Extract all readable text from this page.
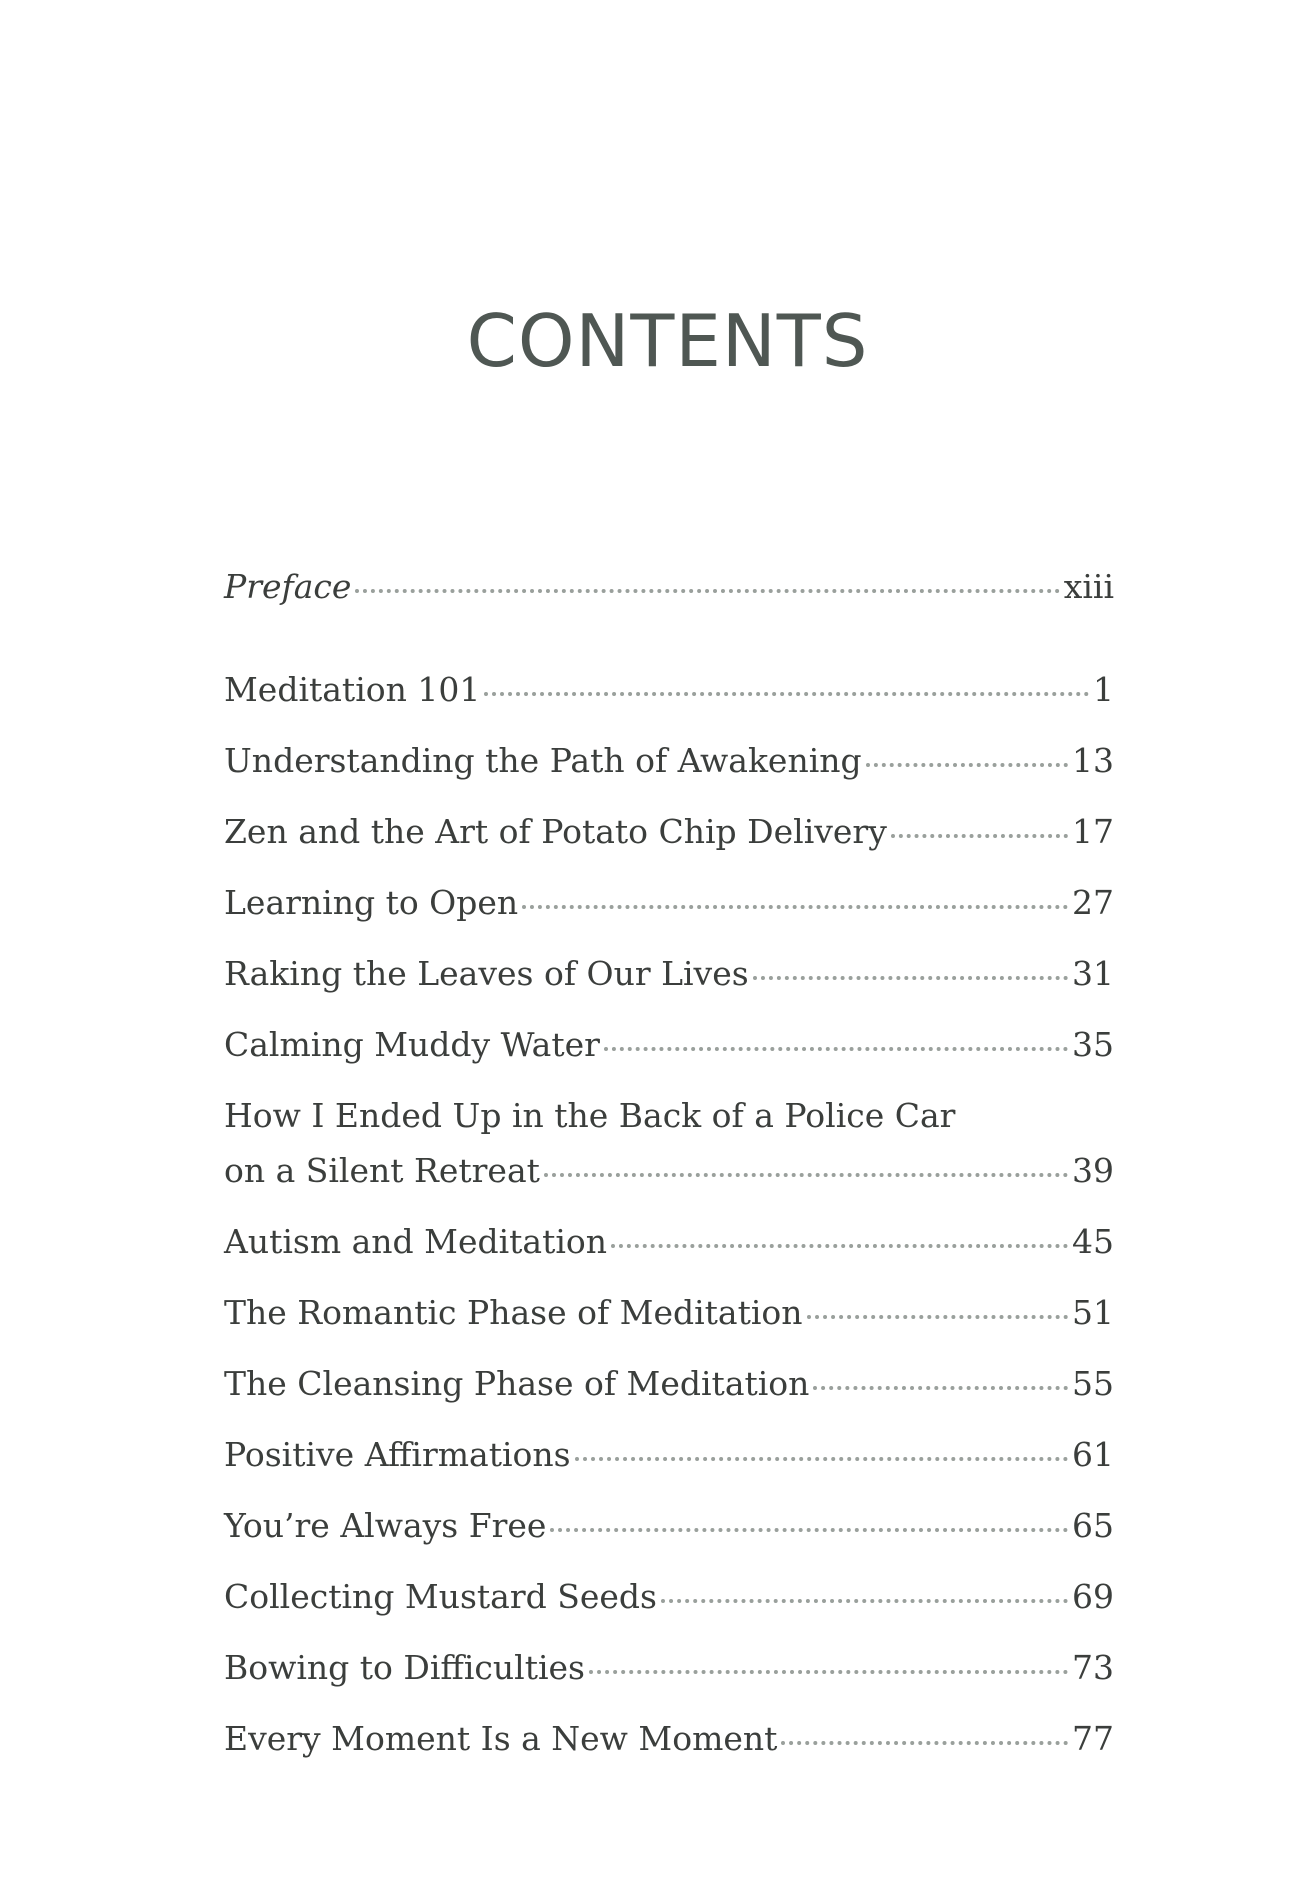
CONTENTS
Preface	xiii
Meditation 101	1
Understanding the Path of Awakening	13
Zen and the Art of Potato Chip Delivery	17
Learning to Open	27
Raking the Leaves of Our Lives	31
Calming Muddy Water	35
How I Ended Up in the Back of a Police Car
on a Silent Retreat	39
Autism and Meditation	45
The Romantic Phase of Meditation	51
The Cleansing Phase of Meditation	55
Positive Affirmations	61
You’re Always Free	65
Collecting Mustard Seeds	69
Bowing to Difficulties	73
Every Moment Is a New Moment	77
